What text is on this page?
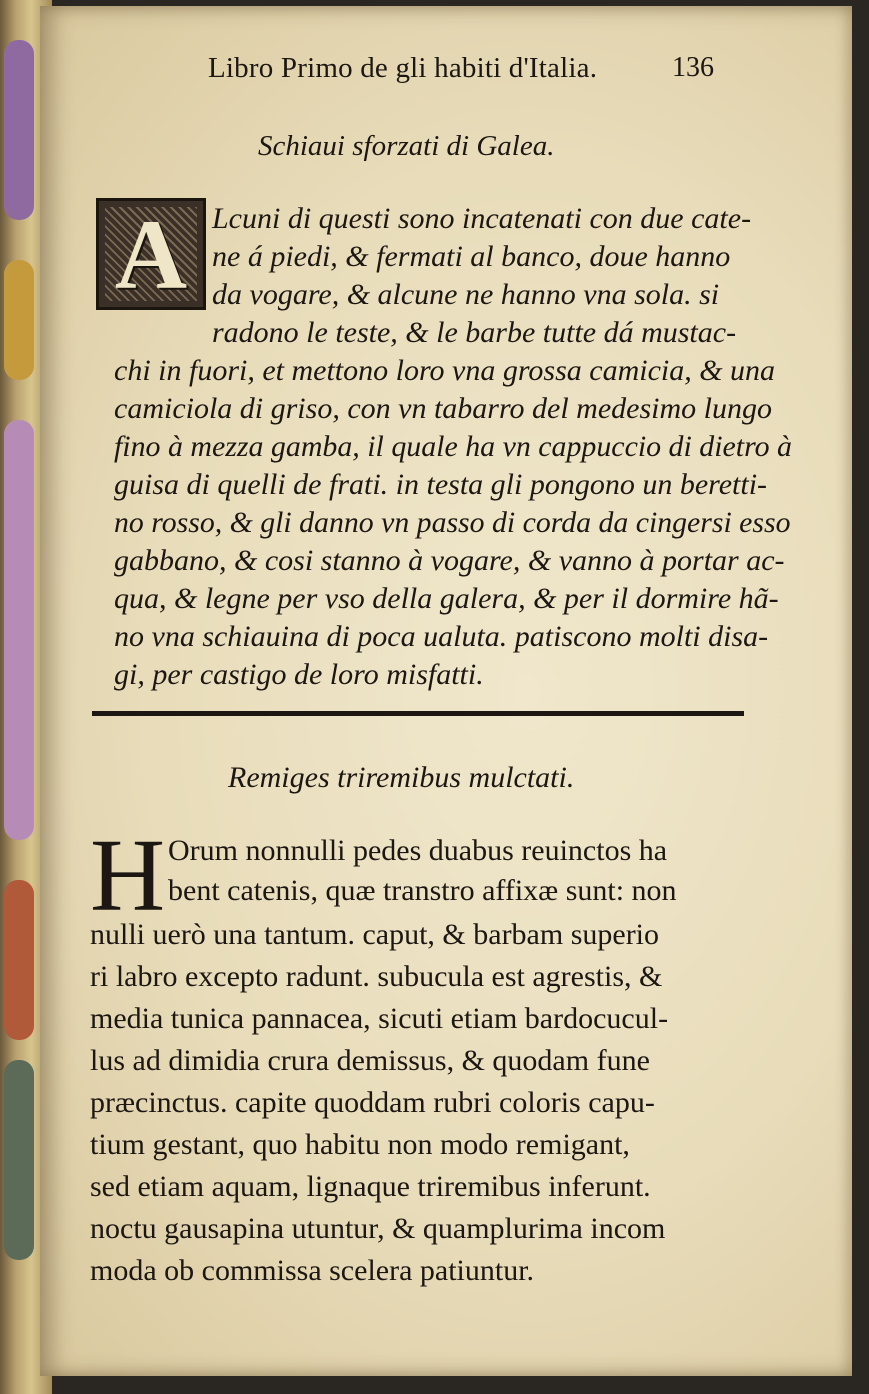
Libro Primo de gli habiti d'Italia.	136
Schiaui sforzati di Galea.
A Lcuni di questi sono incatenati con due cate-
ne á piedi, & fermati al banco, doue hanno
da vogare, & alcune ne hanno vna sola. si
radono le teste, & le barbe tutte dá mustac-
chi in fuori, et mettono loro vna grossa camicia, & una
camiciola di griso, con vn tabarro del medesimo lungo
fino à mezza gamba, il quale ha vn cappuccio di dietro à
guisa di quelli de frati. in testa gli pongono un beretti-
no rosso, & gli danno vn passo di corda da cingersi esso
gabbano, & cosi stanno à vogare, & vanno à portar ac-
qua, & legne per vso della galera, & per il dormire hã-
no vna schiauina di poca ualuta. patiscono molti disa-
gi, per castigo de loro misfatti.
Remiges triremibus mulctati.
H Orum nonnulli pedes duabus reuinctos ha
bent catenis, quæ transtro affixæ sunt: non
nulli uerò una tantum. caput, & barbam superio
ri labro excepto radunt. subucula est agrestis, &
media tunica pannacea, sicuti etiam bardocucul-
lus ad dimidia crura demissus, & quodam fune
præcinctus. capite quoddam rubri coloris capu-
tium gestant, quo habitu non modo remigant,
sed etiam aquam, lignaque triremibus inferunt.
noctu gausapina utuntur, & quamplurima incom
moda ob commissa scelera patiuntur.
